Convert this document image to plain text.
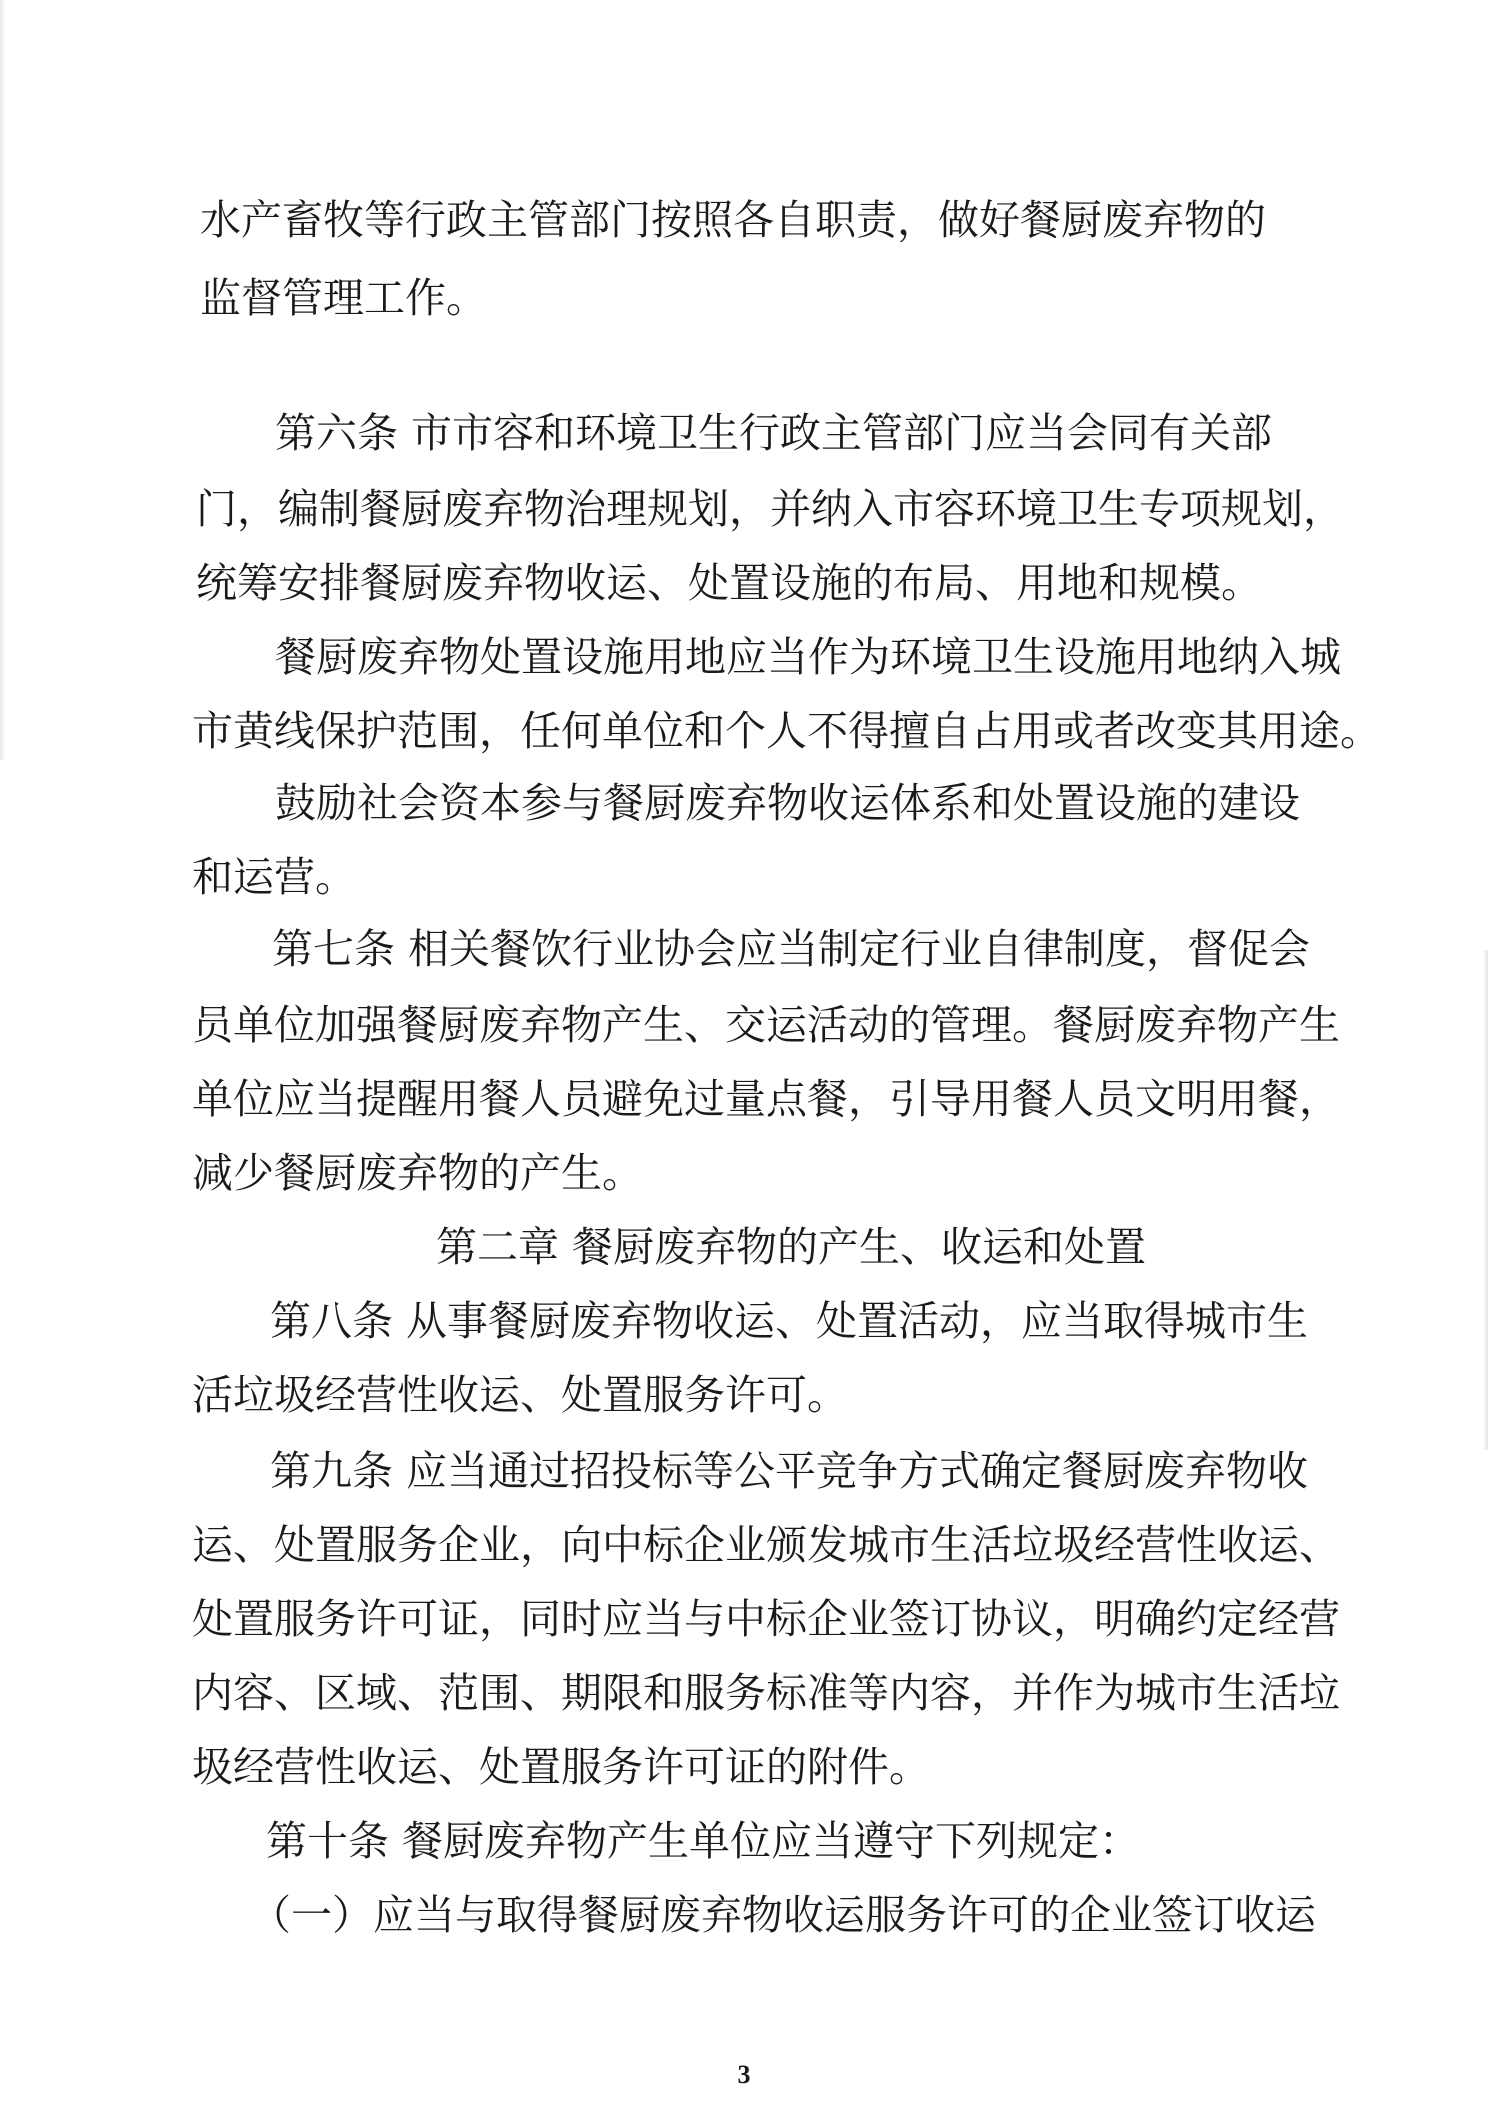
水产畜牧等行政主管部门按照各自职责，做好餐厨废弃物的
监督管理工作。
第六条 市市容和环境卫生行政主管部门应当会同有关部
门，编制餐厨废弃物治理规划，并纳入市容环境卫生专项规划，
统筹安排餐厨废弃物收运、处置设施的布局、用地和规模。
餐厨废弃物处置设施用地应当作为环境卫生设施用地纳入城
市黄线保护范围，任何单位和个人不得擅自占用或者改变其用途。
鼓励社会资本参与餐厨废弃物收运体系和处置设施的建设
和运营。
第七条 相关餐饮行业协会应当制定行业自律制度，督促会
员单位加强餐厨废弃物产生、交运活动的管理。餐厨废弃物产生
单位应当提醒用餐人员避免过量点餐，引导用餐人员文明用餐，
减少餐厨废弃物的产生。
第二章 餐厨废弃物的产生、收运和处置
第八条 从事餐厨废弃物收运、处置活动，应当取得城市生
活垃圾经营性收运、处置服务许可。
第九条 应当通过招投标等公平竞争方式确定餐厨废弃物收
运、处置服务企业，向中标企业颁发城市生活垃圾经营性收运、
处置服务许可证，同时应当与中标企业签订协议，明确约定经营
内容、区域、范围、期限和服务标准等内容，并作为城市生活垃
圾经营性收运、处置服务许可证的附件。
第十条 餐厨废弃物产生单位应当遵守下列规定：
（一）应当与取得餐厨废弃物收运服务许可的企业签订收运
3
